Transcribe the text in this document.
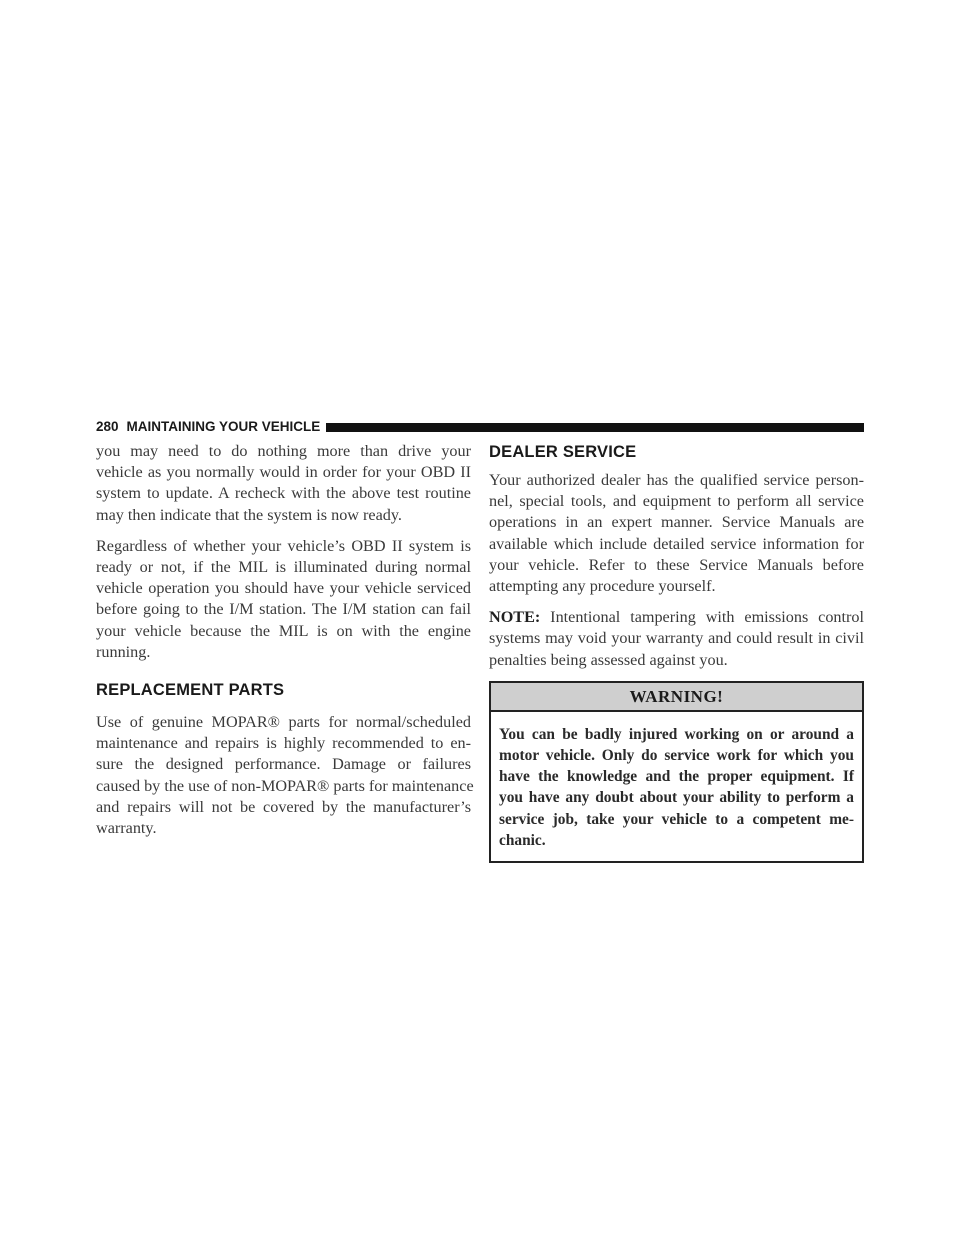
280 MAINTAINING YOUR VEHICLE

you may need to do nothing more than drive your
vehicle as you normally would in order for your OBD II
system to update. A recheck with the above test routine
may then indicate that the system is now ready.

Regardless of whether your vehicle’s OBD II system is
ready or not, if the MIL is illuminated during normal
vehicle operation you should have your vehicle serviced
before going to the I/M station. The I/M station can fail
your vehicle because the MIL is on with the engine
running.

REPLACEMENT PARTS

Use of genuine MOPAR® parts for normal/scheduled
maintenance and repairs is highly recommended to en-
sure the designed performance. Damage or failures
caused by the use of non-MOPAR® parts for maintenance
and repairs will not be covered by the manufacturer’s
warranty.

DEALER SERVICE

Your authorized dealer has the qualified service person-
nel, special tools, and equipment to perform all service
operations in an expert manner. Service Manuals are
available which include detailed service information for
your vehicle. Refer to these Service Manuals before
attempting any procedure yourself.

NOTE: Intentional tampering with emissions control
systems may void your warranty and could result in civil
penalties being assessed against you.

WARNING!
You can be badly injured working on or around a
motor vehicle. Only do service work for which you
have the knowledge and the proper equipment. If
you have any doubt about your ability to perform a
service job, take your vehicle to a competent me-
chanic.
